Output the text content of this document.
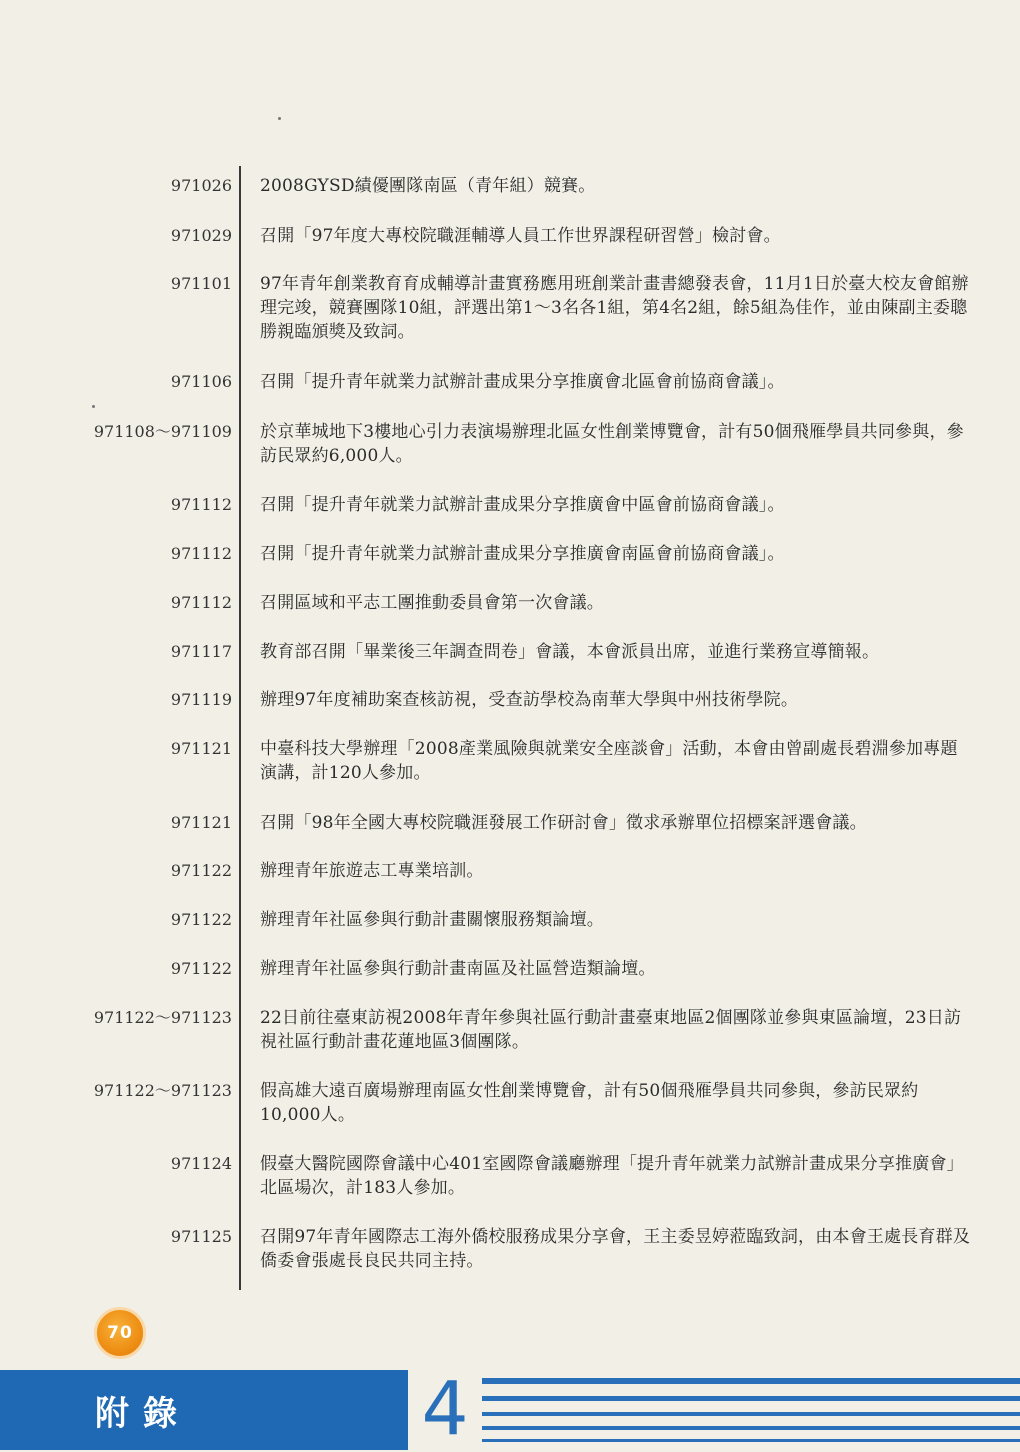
971026 2008GYSD績優團隊南區（青年組）競賽。
971029 召開「97年度大專校院職涯輔導人員工作世界課程研習營」檢討會。
971101 97年青年創業教育育成輔導計畫實務應用班創業計畫書總發表會，11月1日於臺大校友會館辦理完竣，競賽團隊10組，評選出第1～3名各1組，第4名2組，餘5組為佳作，並由陳副主委聰勝親臨頒獎及致詞。
971106 召開「提升青年就業力試辦計畫成果分享推廣會北區會前協商會議」。
971108～971109 於京華城地下3樓地心引力表演場辦理北區女性創業博覽會，計有50個飛雁學員共同參與，參訪民眾約6,000人。
971112 召開「提升青年就業力試辦計畫成果分享推廣會中區會前協商會議」。
971112 召開「提升青年就業力試辦計畫成果分享推廣會南區會前協商會議」。
971112 召開區域和平志工團推動委員會第一次會議。
971117 教育部召開「畢業後三年調查問卷」會議，本會派員出席，並進行業務宣導簡報。
971119 辦理97年度補助案查核訪視，受查訪學校為南華大學與中州技術學院。
971121 中臺科技大學辦理「2008產業風險與就業安全座談會」活動，本會由曾副處長碧淵參加專題演講，計120人參加。
971121 召開「98年全國大專校院職涯發展工作研討會」徵求承辦單位招標案評選會議。
971122 辦理青年旅遊志工專業培訓。
971122 辦理青年社區參與行動計畫關懷服務類論壇。
971122 辦理青年社區參與行動計畫南區及社區營造類論壇。
971122～971123 22日前往臺東訪視2008年青年參與社區行動計畫臺東地區2個團隊並參與東區論壇，23日訪視社區行動計畫花蓮地區3個團隊。
971122～971123 假高雄大遠百廣場辦理南區女性創業博覽會，計有50個飛雁學員共同參與，參訪民眾約10,000人。
971124 假臺大醫院國際會議中心401室國際會議廳辦理「提升青年就業力試辦計畫成果分享推廣會」北區場次，計183人參加。
971125 召開97年青年國際志工海外僑校服務成果分享會，王主委昱婷蒞臨致詞，由本會王處長育群及僑委會張處長良民共同主持。
70
附錄	4
